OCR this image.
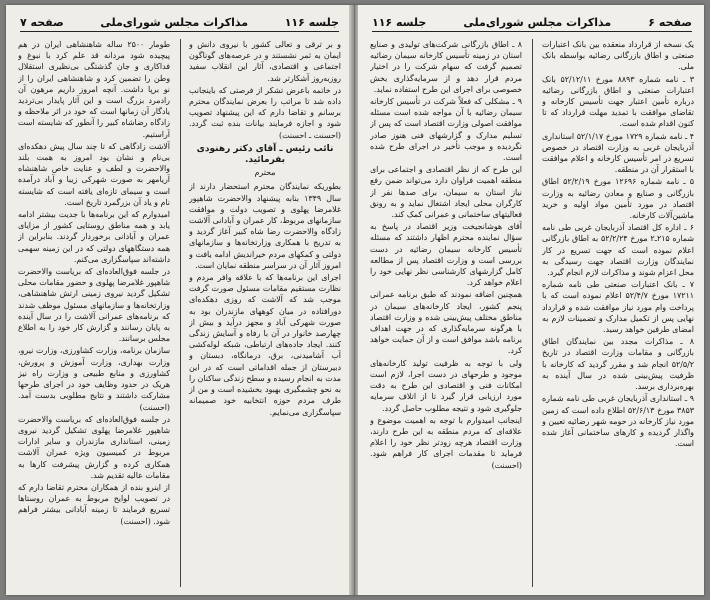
جلسه ۱۱۶
مذاکرات مجلس شورای‌ملی
صفحه ۷

و بر ترقی و تعالی کشور با نیروی دانش و ایمان به ثمر نشستند و در عرصه‌های گوناگون اجتماعی و اقتصادی، آثار این انقلاب سفید روز‌به‌روز آشکارتر شد.

در خاتمه باعرض تشکر از فرصتی که باینجانب داده شد تا مراتب را بعرض نمایندگان محترم برسانم و تقاضا دارم که این پیشنهاد تصویب شود و اجازه فرمایند بیانات بنده ثبت گردد. (احسنت ـ احسنت)

نائب رئیس ـ آقای دکتر رهنودی بفرمائید.
محترم

بطوریکه نمایندگان محترم استحضار دارند از سال ۱۳۴۹ بنابه پیشنهاد والاحضرت شاهپور غلامرضا پهلوی و تصویب دولت و موافقت سازمانهای مربوط، کار عمران و آبادانی آلاشت زادگاه والاحضرت رضا شاه کبیر آغاز گردید و به تدریج با همکاری وزارتخانه‌ها و سازمانهای دولتی و کمکهای مردم خیراندیش ادامه یافت و امروز آثار آن در سراسر منطقه نمایان است.

اجرای این برنامه‌ها که با علاقه وافر مردم و نظارت مستقیم مقامات مسئول صورت گرفت موجب شد که آلاشت که روزی دهکده‌ای دورافتاده در میان کوههای مازندران بود به صورت شهرکی آباد و مجهز درآید و بیش از چهارصد خانوار در آن با رفاه و آسایش زندگی کنند. ایجاد جاده‌های ارتباطی، شبکه لوله‌کشی آب آشامیدنی، برق، درمانگاه، دبستان و دبیرستان از جمله اقداماتی است که در این مدت به انجام رسیده و سطح زندگی ساکنان را به نحو چشمگیری بهبود بخشیده است و من از طرف مردم حوزه انتخابیه خود صمیمانه سپاسگزاری می‌نمایم.

طومار ۲۵۰۰ ساله شاهنشاهی ایران در هم پیچیده شود مردانه قد علم کرد با نبوغ و فداکاری و جان گذشتگی بی‌نظیری استقلال وطن را تضمین کرد و شاهنشاهی ایران را از نو برپا داشت. آنچه امروز داریم مرهون آن رادمرد بزرگ است و این آثار پایدار بی‌تردید یادگار آن زمانها است که خود در اثر ملاحظه و زادگاه رضاشاه کبیر را آنطور که شایسته است آراستیم.

آلاشت زادگاهی که تا چند سال پیش دهکده‌ای بی‌نام و نشان بود امروز به همت بلند والاحضرت و لطف و عنایت خاص شاهنشاه آریامهر به صورت شهرکی زیبا و آباد درآمده است و سیمای تازه‌ای یافته است که شایسته نام و یاد آن بزرگمرد تاریخ است.

امیدوارم که این برنامه‌ها با جدیت بیشتر ادامه یابد و همه مناطق روستایی کشور از مزایای عمران و آبادانی برخوردار گردند. بنابراین از همه دستگاههای دولتی که در این زمینه سهمی داشته‌اند سپاسگزاری می‌کنم.

در جلسه فوق‌العاده‌ای که بریاست والاحضرت شاهپور غلامرضا پهلوی و حضور مقامات محلی تشکیل گردید نیروی زمینی ارتش شاهنشاهی، وزارتخانه‌ها و سازمانهای مسئول موظف شدند که برنامه‌های عمرانی آلاشت را در سال آینده به پایان رسانند و گزارش کار خود را به اطلاع مجلس برسانند.

سازمان برنامه، وزارت کشاورزی، وزارت نیرو، وزارت بهداری، وزارت آموزش و پرورش، کشاورزی و منابع طبیعی و وزارت راه نیز هریک در حدود وظایف خود در اجرای طرحها مشارکت داشتند و نتایج مطلوبی بدست آمد. (احسنت)

در جلسه فوق‌العاده‌ای که بریاست والاحضرت شاهپور غلامرضا پهلوی تشکیل گردید نیروی زمینی، استانداری مازندران و سایر ادارات مربوط در کمیسیون ویژه عمران آلاشت همکاری کرده و گزارش پیشرفت کارها به مقامات عالیه تقدیم شد.

از اینرو بنده از همکاران محترم تقاضا دارم که در تصویب لوایح مربوط به عمران روستاها تسریع فرمایند تا زمینه آبادانی بیشتر فراهم شود. (احسنت)

صفحه ۶
مذاکرات مجلس شورای‌ملی
جلسه ۱۱۶

یک نسخه از قرارداد منعقده بین بانک اعتبارات صنعتی و اطاق بازرگانی رضائیه بواسطه بانک ملی.

۳ ـ نامه شماره ۸۸۹۳ مورخ ۵۲/۱۲/۱۱ بانک اعتبارات صنعتی و اطاق بازرگانی رضائیه درباره تأمین اعتبار جهت تأسیس کارخانه و تقاضای موافقت با تمدید مهلت قرارداد که تا کنون اقدام شده است.

۴ ـ نامه شماره ۱۷۲۹ مورخ ۵۲/۱/۱۷ استانداری آذربایجان غربی به وزارت اقتصاد در خصوص تسریع در امر تأسیس کارخانه و اعلام موافقت با استقرار آن در منطقه.

۵ ـ نامه شماره ۱۲۶۹۶ مورخ ۵۲/۲/۱۹ اطاق بازرگانی و صنایع و معادن رضائیه به وزارت اقتصاد در مورد تأمین مواد اولیه و خرید ماشین‌آلات کارخانه.

۶ ـ اداره کل اقتصاد آذربایجان غربی طی نامه شماره ۲۱۵ـ۲ مورخ ۵۲/۲/۲۴ به اطاق بازرگانی اعلام نموده است که جهت تسریع در کار نمایندگان وزارت اقتصاد جهت رسیدگی به محل اعزام شوند و مذاکرات لازم انجام گیرد.

۷ ـ بانک اعتبارات صنعتی طی نامه شماره ۱۷۲۱۱ مورخ ۵۲/۴/۷ اعلام نموده است که با پرداخت وام مورد نیاز موافقت شده و قرارداد نهایی پس از تکمیل مدارک و تضمینات لازم به امضای طرفین خواهد رسید.

۸ ـ مذاکرات مجدد بین نمایندگان اطاق بازرگانی و مقامات وزارت اقتصاد در تاریخ ۵۲/۵/۲ انجام شد و مقرر گردید که کارخانه با ظرفیت پیش‌بینی شده در سال آینده به بهره‌برداری برسد.

۹ ـ استانداری آذربایجان غربی طی نامه شماره ۳۸۵۳ مورخ ۵۲/۶/۱۳ اطلاع داده است که زمین مورد نیاز کارخانه در حومه شهر رضائیه تعیین و واگذار گردیده و کارهای ساختمانی آغاز شده است.

۸ ـ اطاق بازرگانی شرکت‌های تولیدی و صنایع استان در زمینه تأسیس کارخانه سیمان رضائیه تصمیم گرفت که سهام شرکت را در اختیار مردم قرار دهد و از سرمایه‌گذاری بخش خصوصی برای اجرای این طرح استفاده نماید.

۹ ـ مشکلی که فعلاً شرکت در تأسیس کارخانه سیمان رضائیه با آن مواجه شده است مسئله موافقت اصولی وزارت اقتصاد است که پس از تسلیم مدارک و گزارشهای فنی هنوز صادر نگردیده و موجب تأخیر در اجرای طرح شده است.

این طرح که از نظر اقتصادی و اجتماعی برای منطقه اهمیت فراوان دارد می‌تواند ضمن رفع نیاز استان به سیمان، برای صدها نفر از کارگران محلی ایجاد اشتغال نماید و به رونق فعالیتهای ساختمانی و عمرانی کمک کند.

آقای هوشانجیخت وزیر اقتصاد در پاسخ به سؤال نماینده محترم اظهار داشتند که مسئله تأسیس کارخانه سیمان رضائیه در دست بررسی است و وزارت اقتصاد پس از مطالعه کامل گزارشهای کارشناسی نظر نهایی خود را اعلام خواهد کرد.

همچنین اضافه نمودند که طبق برنامه عمرانی پنجم کشور، ایجاد کارخانه‌های سیمان در مناطق مختلف پیش‌بینی شده و وزارت اقتصاد با هرگونه سرمایه‌گذاری که در جهت اهداف برنامه باشد موافق است و از آن حمایت خواهد کرد.

ولی با توجه به ظرفیت تولید کارخانه‌های موجود و طرحهای در دست اجرا، لازم است امکانات فنی و اقتصادی این طرح به دقت مورد ارزیابی قرار گیرد تا از اتلاف سرمایه جلوگیری شود و نتیجه مطلوب حاصل گردد.

اینجانب امیدوارم با توجه به اهمیت موضوع و علاقه‌ای که مردم منطقه به این طرح دارند، وزارت اقتصاد هرچه زودتر نظر خود را اعلام فرماید تا مقدمات اجرای کار فراهم شود. (احسنت)
